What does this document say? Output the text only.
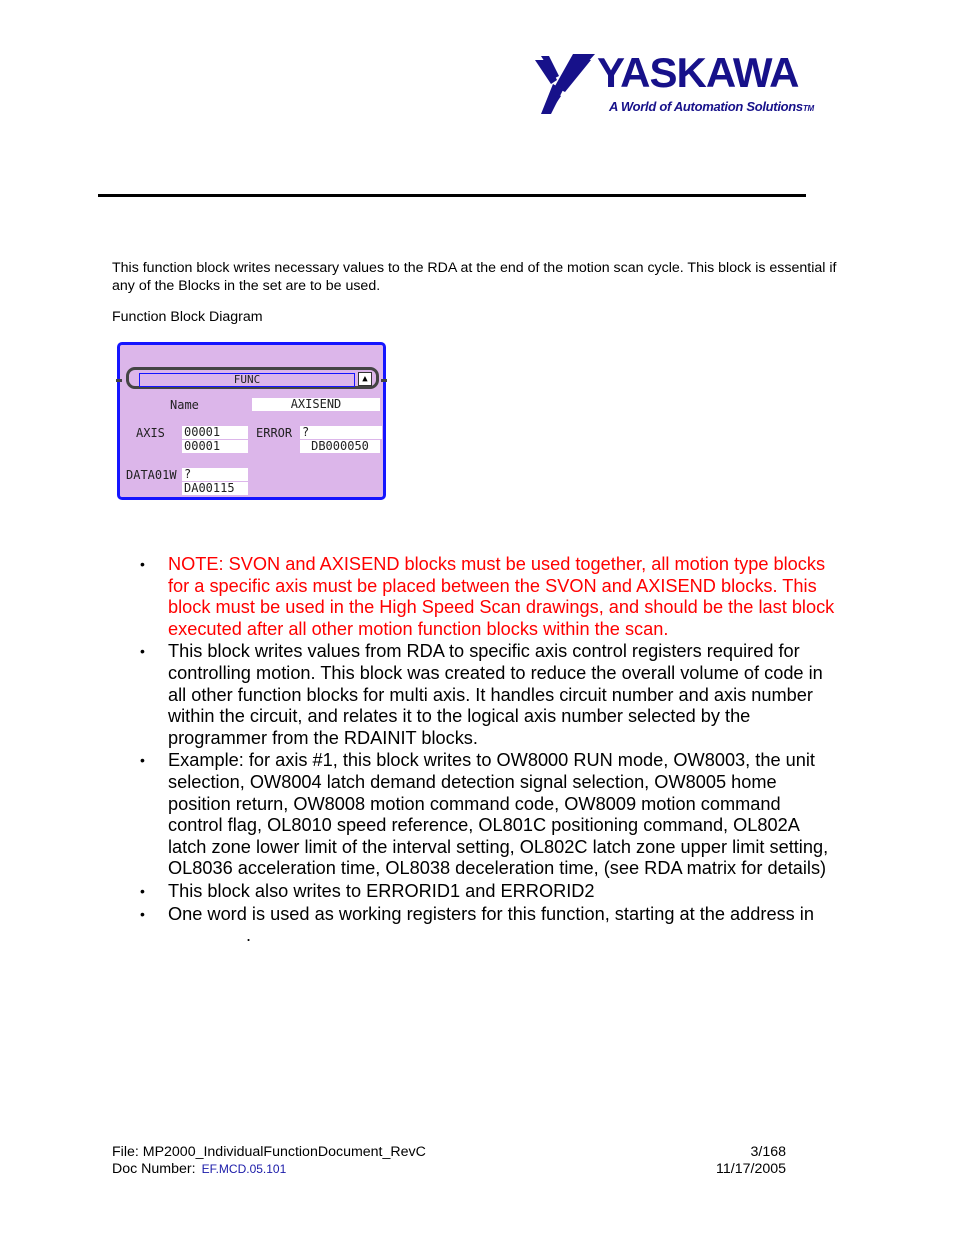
YASKAWA
A World of Automation SolutionsTM
This function block writes necessary values to the RDA at the end of the motion scan cycle. This block is essential if any of the Blocks in the set are to be used.
Function Block Diagram
FUNC	▲
Name	AXISEND
AXIS 00001
00001
ERROR ?
DB000050
DATA01W ?
DA00115
• NOTE: SVON and AXISEND blocks must be used together, all motion type blocks for a specific axis must be placed between the SVON and AXISEND blocks. This block must be used in the High Speed Scan drawings, and should be the last block executed after all other motion function blocks within the scan.
• This block writes values from RDA to specific axis control registers required for controlling motion. This block was created to reduce the overall volume of code in all other function blocks for multi axis. It handles circuit number and axis number within the circuit, and relates it to the logical axis number selected by the programmer from the RDAINIT blocks.
• Example: for axis #1, this block writes to OW8000 RUN mode, OW8003, the unit selection, OW8004 latch demand detection signal selection, OW8005 home position return, OW8008 motion command code, OW8009 motion command control flag, OL8010 speed reference, OL801C positioning command, OL802A latch zone lower limit of the interval setting, OL802C latch zone upper limit setting, OL8036 acceleration time, OL8038 deceleration time, (see RDA matrix for details)
• This block also writes to ERRORID1 and ERRORID2
• One word is used as working registers for this function, starting at the address in
.
File: MP2000_IndividualFunctionDocument_RevC	3/168
Doc Number: EF.MCD.05.101	11/17/2005
